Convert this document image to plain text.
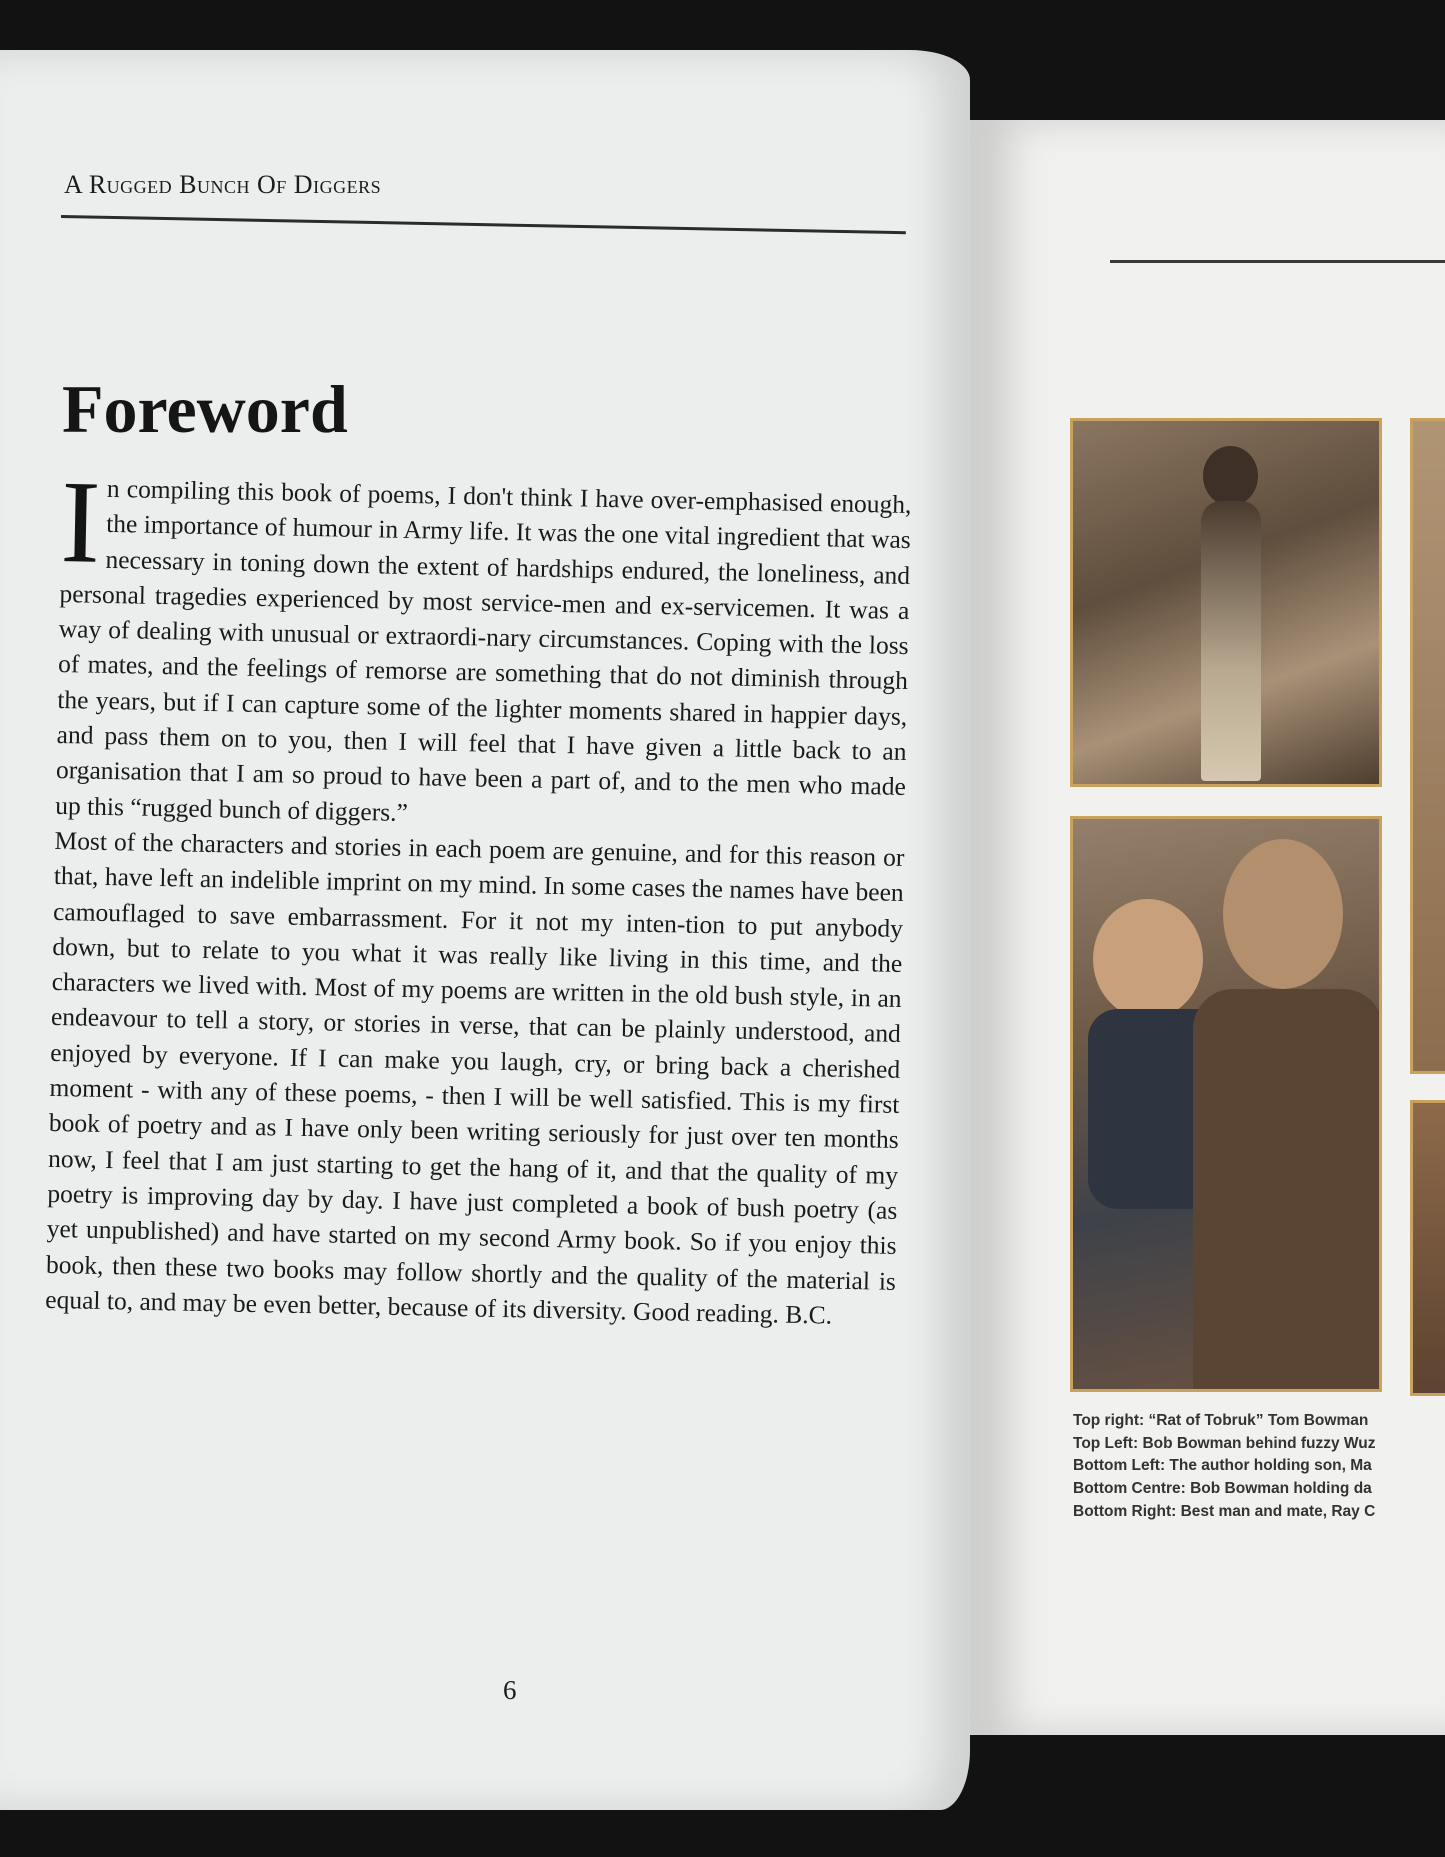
A Rugged Bunch Of Diggers
Foreword

In compiling this book of poems, I don't think I have over-emphasised enough, the importance of humour in Army life. It was the one vital ingredient that was necessary in toning down the extent of hardships endured, the loneliness, and personal tragedies experienced by most service-men and ex-servicemen. It was a way of dealing with unusual or extraordi-nary circumstances. Coping with the loss of mates, and the feelings of remorse are something that do not diminish through the years, but if I can capture some of the lighter moments shared in happier days, and pass them on to you, then I will feel that I have given a little back to an organisation that I am so proud to have been a part of, and to the men who made up this “rugged bunch of diggers.”

Most of the characters and stories in each poem are genuine, and for this reason or that, have left an indelible imprint on my mind. In some cases the names have been camouflaged to save embarrassment. For it not my inten-tion to put anybody down, but to relate to you what it was really like living in this time, and the characters we lived with. Most of my poems are written in the old bush style, in an endeavour to tell a story, or stories in verse, that can be plainly understood, and enjoyed by everyone. If I can make you laugh, cry, or bring back a cherished moment - with any of these poems, - then I will be well satisfied. This is my first book of poetry and as I have only been writing seriously for just over ten months now, I feel that I am just starting to get the hang of it, and that the quality of my poetry is improving day by day. I have just completed a book of bush poetry (as yet unpublished) and have started on my second Army book. So if you enjoy this book, then these two books may follow shortly and the quality of the material is equal to, and may be even better, because of its diversity. Good reading. B.C.

6
Top right: “Rat of Tobruk” Tom Bowman
Top Left: Bob Bowman behind fuzzy Wuz
Bottom Left: The author holding son, Ma
Bottom Centre: Bob Bowman holding da
Bottom Right: Best man and mate, Ray C
